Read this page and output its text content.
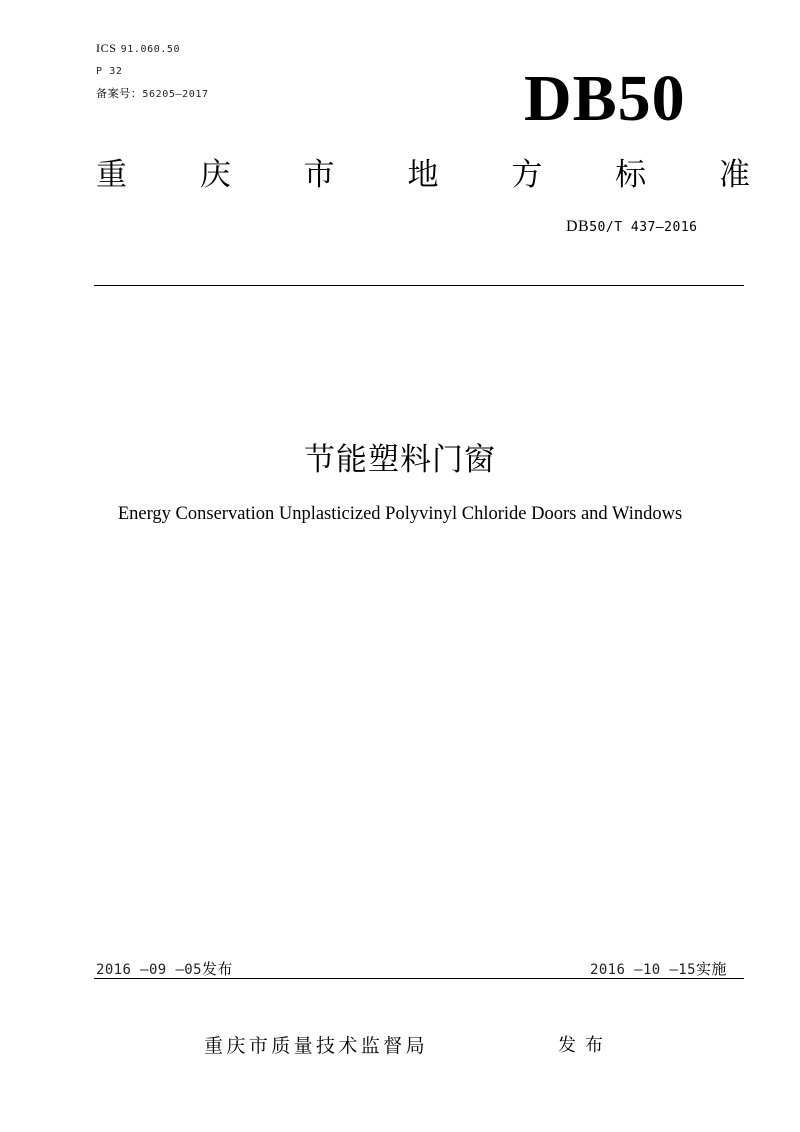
ICS 91.060.50
P 32
备案号：56205–2017	DB50
重 庆 市 地 方 标 准
DB50/T 437—2016
节能塑料门窗
Energy Conservation Unplasticized Polyvinyl Chloride Doors and Windows
2016 –09 –05发布	2016 –10 –15实施
重庆市质量技术监督局	发布
